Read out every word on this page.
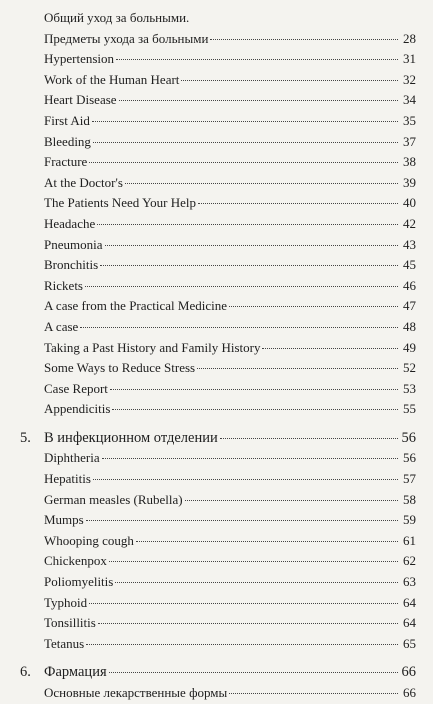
Общий уход за больными.
Предметы ухода за больными	28
Hypertension	31
Work of the Human Heart	32
Heart Disease	34
First Aid	35
Bleeding	37
Fracture	38
At the Doctor's	39
The Patients Need Your Help	40
Headache	42
Pneumonia	43
Bronchitis	45
Rickets	46
A case from the Practical Medicine	47
A case	48
Taking a Past History and Family History	49
Some Ways to Reduce Stress	52
Case Report	53
Appendicitis	55
5. В инфекционном отделении	56
Diphtheria	56
Hepatitis	57
German measles (Rubella)	58
Mumps	59
Whooping cough	61
Chickenpox	62
Poliomyelitis	63
Typhoid	64
Tonsillitis	64
Tetanus	65
6. Фармация	66
Основные лекарственные формы	66
